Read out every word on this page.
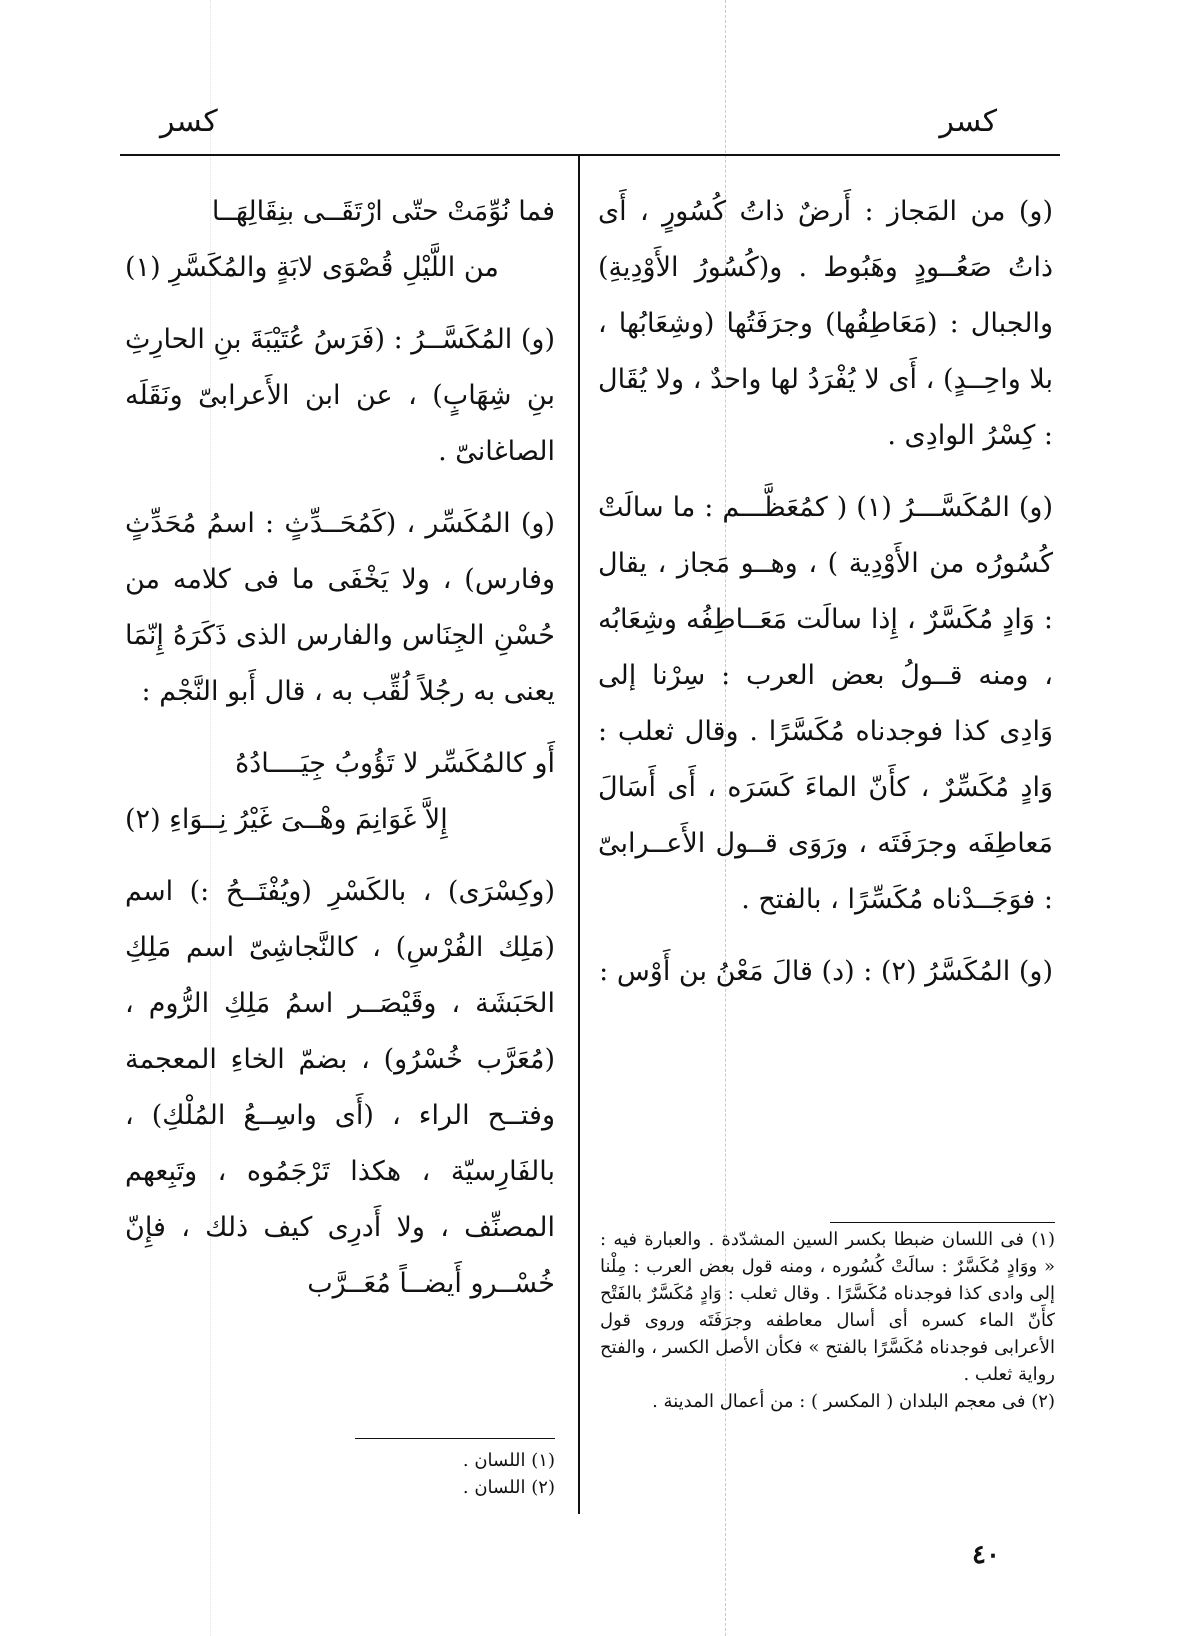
كسر
كسر

(و) من المَجاز : أَرضٌ ذاتُ كُسُورٍ ، أَى ذاتُ صَعُــودٍ وهَبُوط . و(كُسُورُ الأَوْدِيةِ) والجبال : (مَعَاطِفُها) وجرَفَتُها (وشِعَابُها ، بلا واحِــدٍ) ، أَى لا يُفْرَدُ لها واحدٌ ، ولا يُقَال : كِسْرُ الوادِى .

(و) المُكَسَّـــرُ (١) ( كمُعَظَّـــم : ما سالَتْ كُسُورُه من الأَوْدِية ) ، وهــو مَجاز ، يقال : وَادٍ مُكَسَّرٌ ، إِذا سالَت مَعَــاطِفُه وشِعَابُه ، ومنه قــولُ بعض العرب : سِرْنا إلى وَادِى كذا فوجدناه مُكَسَّرًا . وقال ثعلب : وَادٍ مُكَسِّرٌ ، كأَنّ الماءَ كَسَرَه ، أَى أَسَالَ مَعاطِفَه وجرَفَتَه ، ورَوَى قــول الأَعــرابىّ : فوَجَــدْناه مُكَسِّرًا ، بالفتح .

(و) المُكَسَّرُ (٢) : (د) قالَ مَعْنُ بن أَوْس :

فما نُوِّمَتْ حتّى ارْتَقَــى بنِقَالِهَــا
من اللَّيْلِ قُصْوَى لابَةٍ والمُكَسَّرِ (١)

(و) المُكَسَّــرُ : (فَرَسُ عُتَيْبَةَ بنِ الحارِثِ بنِ شِهَابٍ) ، عن ابن الأَعرابىّ ونَقَلَه الصاغانىّ .

(و) المُكَسِّر ، (كَمُحَــدِّثٍ : اسمُ مُحَدِّثٍ وفارس) ، ولا يَخْفَى ما فى كلامه من حُسْنِ الجِنَاس والفارس الذى ذَكَرَهُ إِنّمَا يعنى به رجُلاً لُقِّب به ، قال أَبو النَّجْم :

أَو كالمُكَسِّر لا تَؤُوبُ جِيَــــادُهُ
إِلاَّ غَوَانِمَ وهْــىَ غَيْرُ نِــوَاءِ (٢)

(وكِسْرَى) ، بالكَسْرِ (ويُفْتَــحُ :) اسم (مَلِك الفُرْسِ) ، كالنَّجاشِىّ اسم مَلِكِ الحَبَشَة ، وقَيْصَــر اسمُ مَلِكِ الرُّوم ، (مُعَرَّب خُسْرُو) ، بضمّ الخاءِ المعجمة وفتــح الراء ، (أَى واسِــعُ المُلْكِ) ، بالفَارِسيّة ، هكذا تَرْجَمُوه ، وتَبِعهم المصنِّف ، ولا أَدرِى كيف ذلك ، فإِنّ خُسْــرو أَيضــاً مُعَــرَّب

(١) فى اللسان ضبطا بكسر السين المشدّدة . والعبارة فيه : « ووَادٍ مُكَسَّرٌ : سالَتْ كُسُوره ، ومنه قول بعض العرب : مِلْنا إلى وادى كذا فوجدناه مُكَسَّرًا . وقال ثعلب : وَادٍ مُكَسَّرٌ بالفَتْح كأَنّ الماء كسره أى أسال معاطفه وجرَفَتَه وروى قول الأعرابى فوجدناه مُكَسَّرًا بالفتح » فكأن الأصل الكسر ، والفتح رواية ثعلب .

(٢) فى معجم البلدان ( المكسر ) : من أعمال المدينة .

(١) اللسان .

(٢) اللسان .

٤٠
